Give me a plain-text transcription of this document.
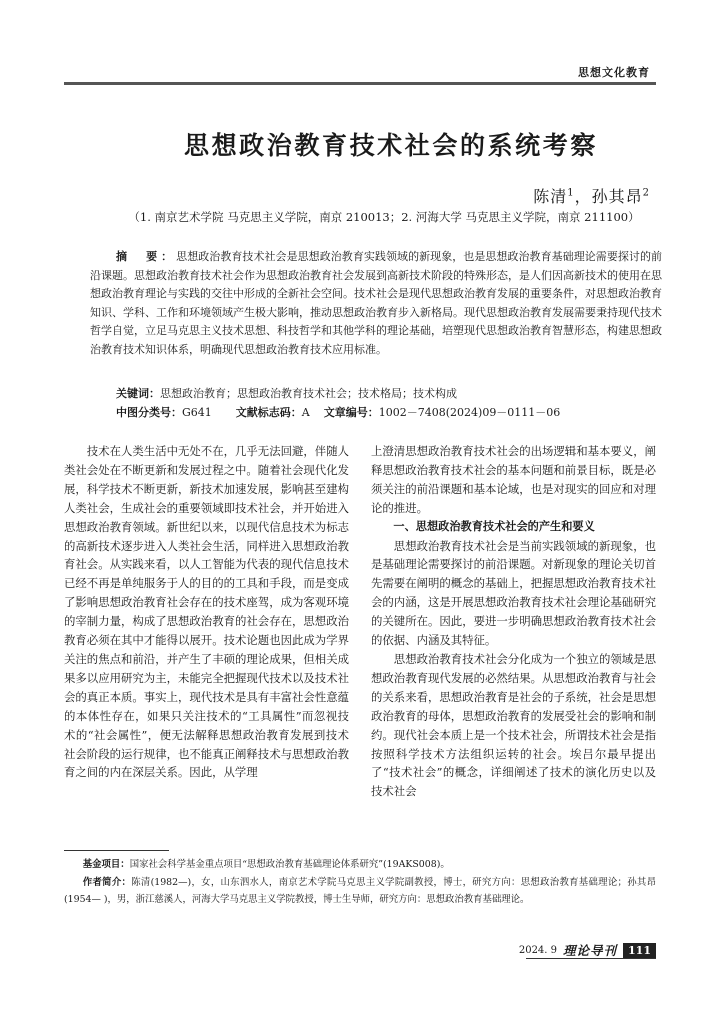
思想文化教育
思想政治教育技术社会的系统考察
陈清$^1$，孙其昂$^2$
（1. 南京艺术学院 马克思主义学院，南京 210013；2. 河海大学 马克思主义学院，南京 211100）
摘　要：思想政治教育技术社会是思想政治教育实践领域的新现象，也是思想政治教育基础理论需要探讨的前沿课题。思想政治教育技术社会作为思想政治教育社会发展到高新技术阶段的特殊形态，是人们因高新技术的使用在思想政治教育理论与实践的交往中形成的全新社会空间。技术社会是现代思想政治教育发展的重要条件，对思想政治教育知识、学科、工作和环境领域产生极大影响，推动思想政治教育步入新格局。现代思想政治教育发展需要秉持现代技术哲学自觉，立足马克思主义技术思想、科技哲学和其他学科的理论基础，培塑现代思想政治教育智慧形态，构建思想政治教育技术知识体系，明确现代思想政治教育技术应用标准。
关键词：思想政治教育；思想政治教育技术社会；技术格局；技术构成
中图分类号：G641 文献标志码：A 文章编号：1002－7408(2024)09－0111－06

技术在人类生活中无处不在，几乎无法回避，伴随人类社会处在不断更新和发展过程之中。随着社会现代化发展，科学技术不断更新，新技术加速发展，影响甚至建构人类社会，生成社会的重要领域即技术社会，并开始进入思想政治教育领域。新世纪以来，以现代信息技术为标志的高新技术逐步进入人类社会生活，同样进入思想政治教育社会。从实践来看，以人工智能为代表的现代信息技术已经不再是单纯服务于人的目的的工具和手段，而是变成了影响思想政治教育社会存在的技术座驾，成为客观环境的宰制力量，构成了思想政治教育的社会存在，思想政治教育必须在其中才能得以展开。技术论题也因此成为学界关注的焦点和前沿，并产生了丰硕的理论成果，但相关成果多以应用研究为主，未能完全把握现代技术以及技术社会的真正本质。事实上，现代技术是具有丰富社会性意蕴的本体性存在，如果只关注技术的“工具属性”而忽视技术的“社会属性”，便无法解释思想政治教育发展到技术社会阶段的运行规律，也不能真正阐释技术与思想政治教育之间的内在深层关系。因此，从学理

上澄清思想政治教育技术社会的出场逻辑和基本要义，阐释思想政治教育技术社会的基本问题和前景目标，既是必须关注的前沿课题和基本论域，也是对现实的回应和对理论的推进。

一、思想政治教育技术社会的产生和要义

思想政治教育技术社会是当前实践领域的新现象，也是基础理论需要探讨的前沿课题。对新现象的理论关切首先需要在阐明的概念的基础上，把握思想政治教育技术社会的内涵，这是开展思想政治教育技术社会理论基础研究的关键所在。因此，要进一步明确思想政治教育技术社会的依据、内涵及其特征。

思想政治教育技术社会分化成为一个独立的领域是思想政治教育现代发展的必然结果。从思想政治教育与社会的关系来看，思想政治教育是社会的子系统，社会是思想政治教育的母体，思想政治教育的发展受社会的影响和制约。现代社会本质上是一个技术社会，所谓技术社会是指按照科学技术方法组织运转的社会。埃吕尔最早提出了“技术社会”的概念，详细阐述了技术的演化历史以及技术社会

基金项目：国家社会科学基金重点项目“思想政治教育基础理论体系研究”(19AKS008)。

作者简介：陈清(1982—)，女，山东泗水人，南京艺术学院马克思主义学院副教授，博士，研究方向：思想政治教育基础理论；孙其昂(1954— )，男，浙江慈溪人，河海大学马克思主义学院教授，博士生导师，研究方向：思想政治教育基础理论。

2024. 9 理论导刊	111
